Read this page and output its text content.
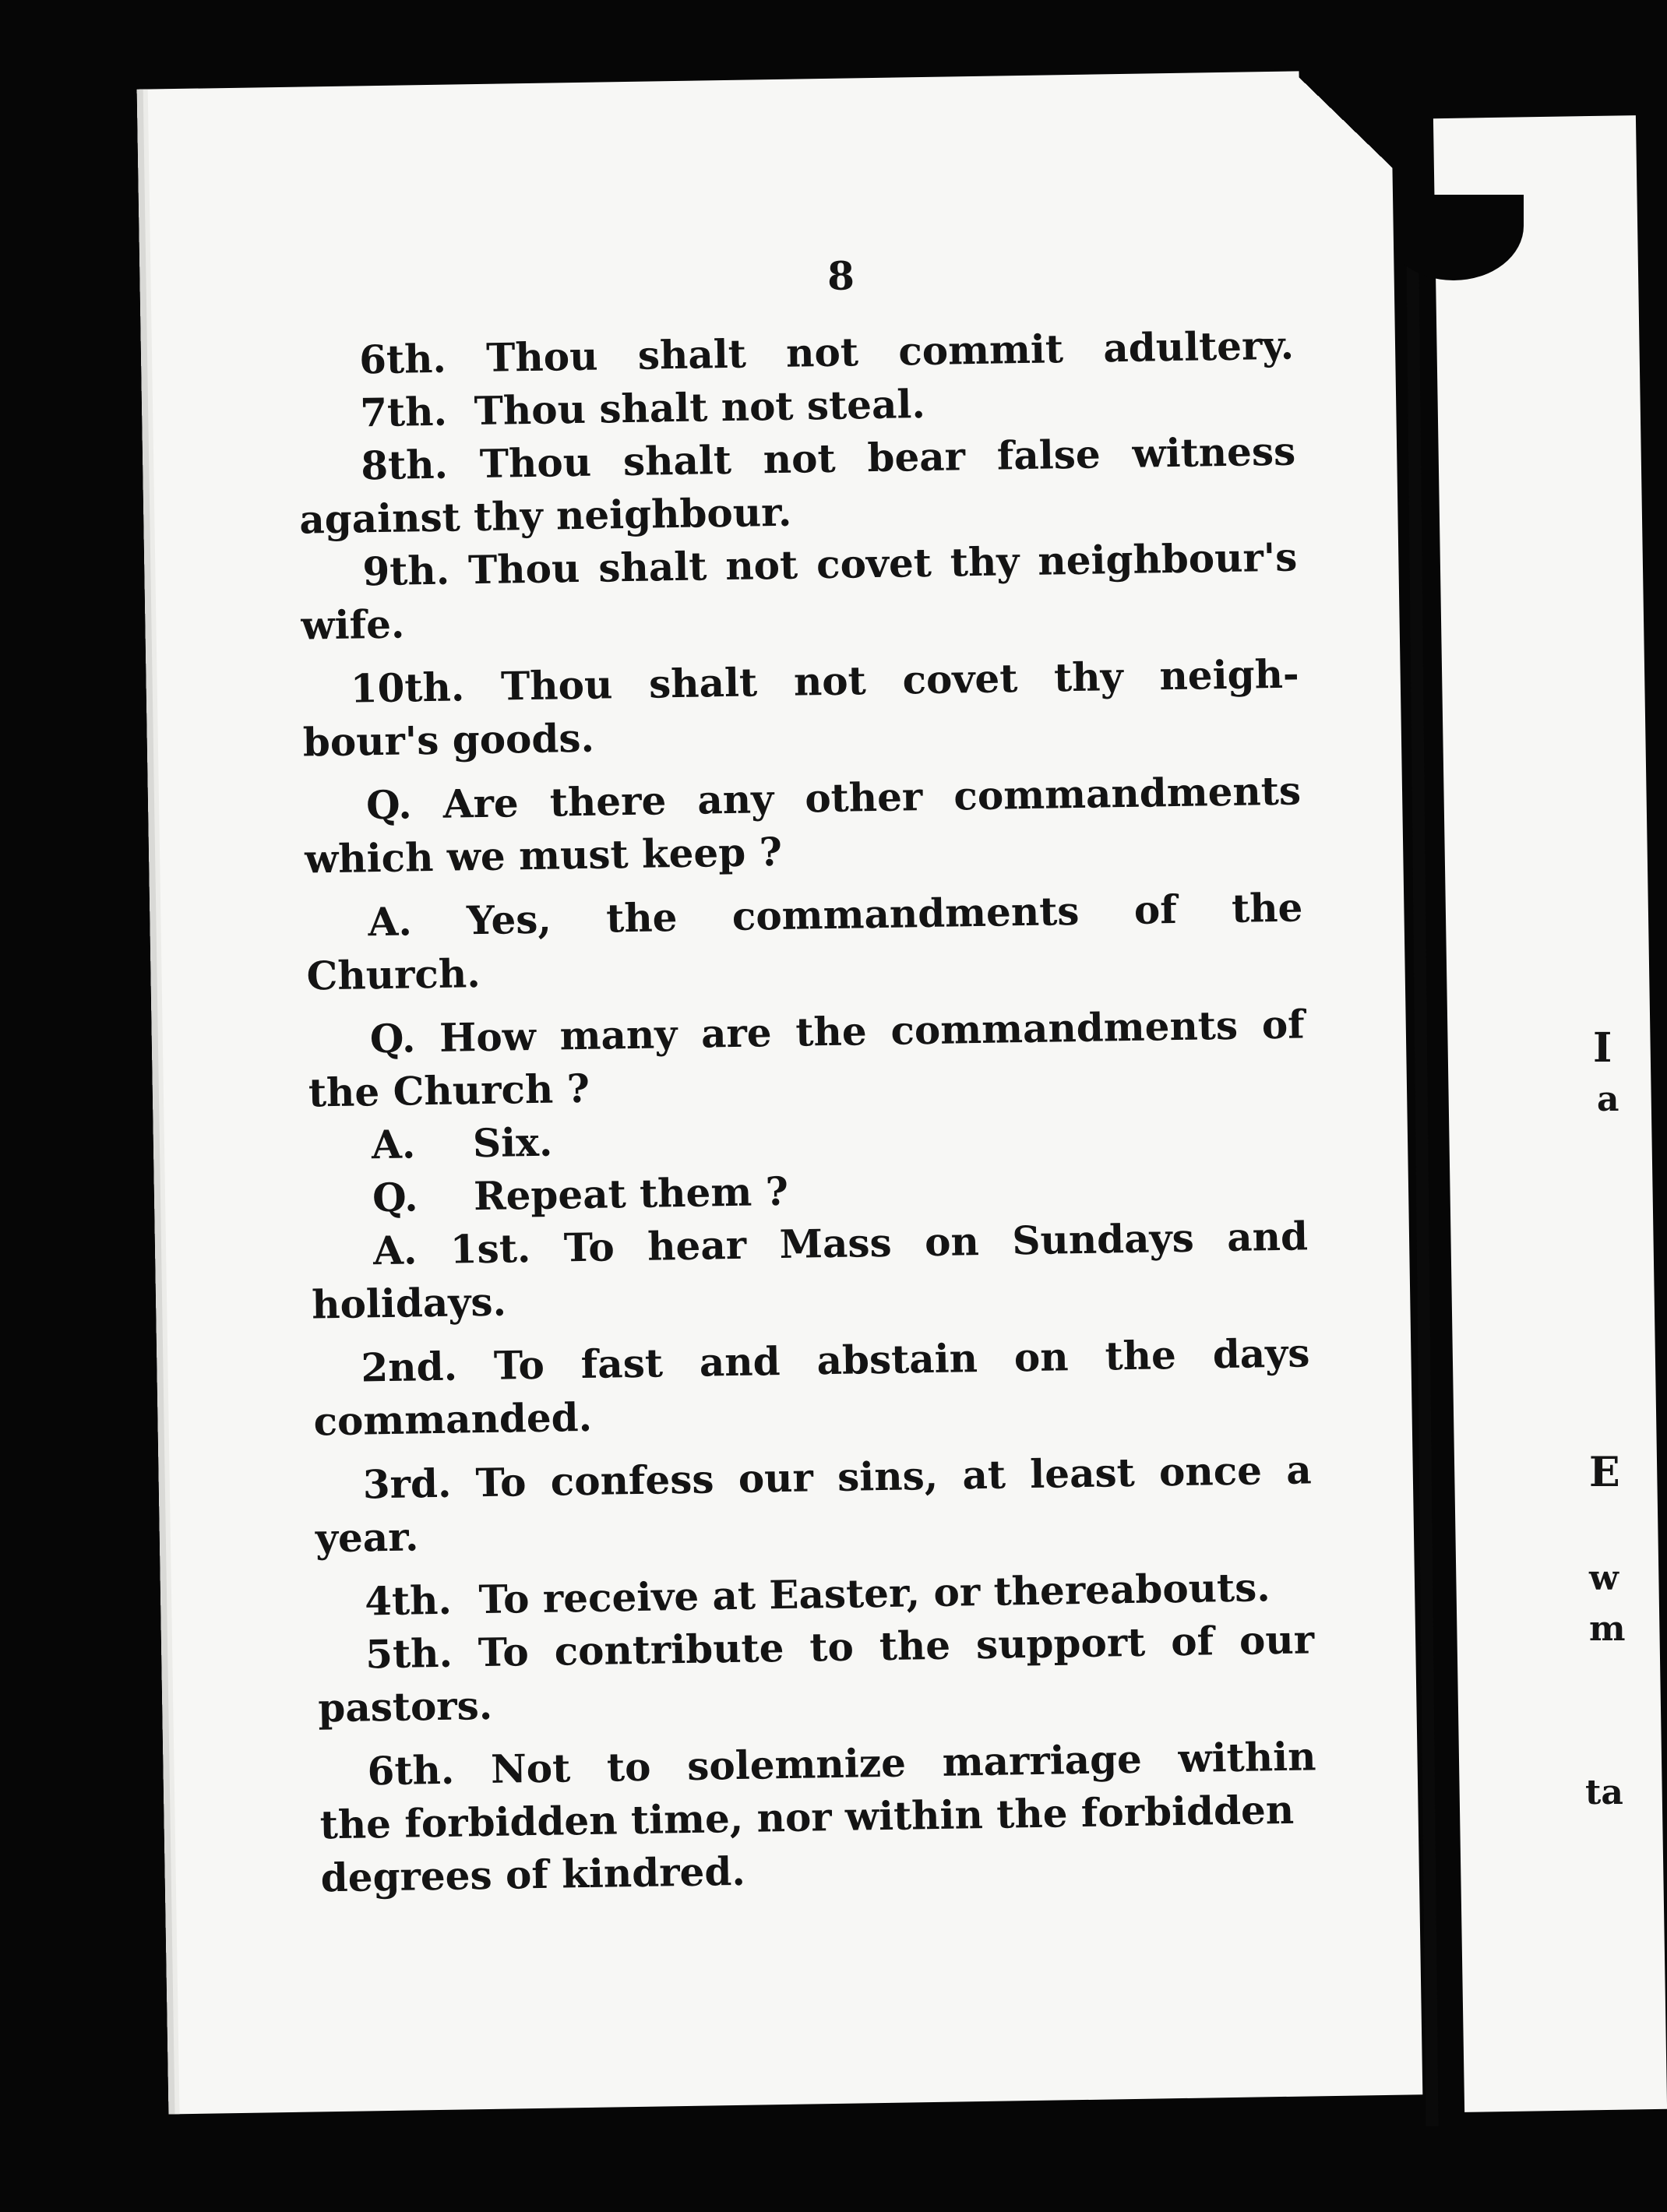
I
a
E
w
m
ta
8
6th. Thou shalt not commit adultery.
7th.  Thou shalt not steal.
8th. Thou shalt not bear false witness
against thy neighbour.
9th. Thou shalt not covet thy neighbour's
wife.
10th. Thou shalt not covet thy neigh-
bour's goods.
Q. Are there any other commandments
which we must keep ?
A. Yes, the commandments of the
Church.
Q. How many are the commandments of
the Church ?
A.	Six.
Q.	Repeat them ?
A. 1st. To hear Mass on Sundays and
holidays.
2nd. To fast and abstain on the days
commanded.
3rd. To confess our sins, at least once a
year.
4th.  To receive at Easter, or thereabouts.
5th. To contribute to the support of our
pastors.
6th. Not to solemnize marriage within
the forbidden time, nor within the forbidden
degrees of kindred.
